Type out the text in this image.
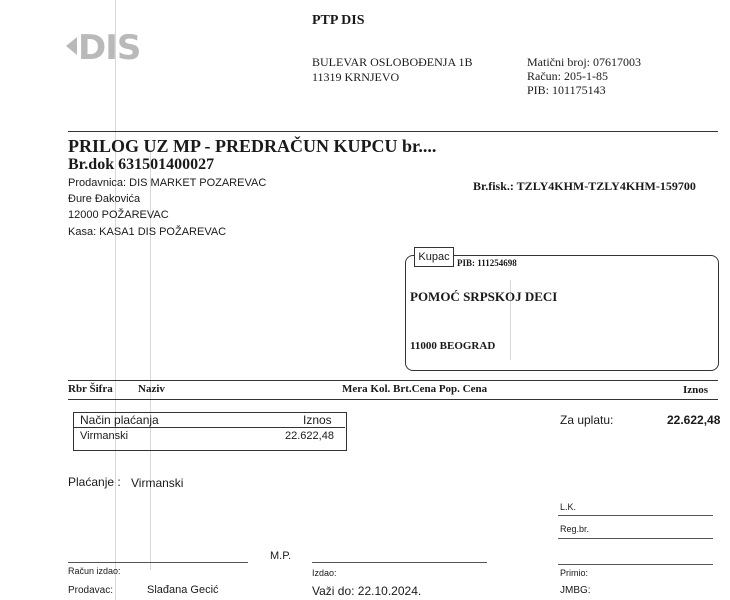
DIS
PTP DIS
BULEVAR OSLOBOĐENJA 1B
11319 KRNJEVO
Matični broj: 07617003
Račun: 205-1-85
PIB: 101175143
PRILOG UZ MP - PREDRAČUN KUPCU br....
Br.dok 631501400027
Prodavnica: DIS MARKET POZAREVAC
Đure Đakovića
12000 POŽAREVAC
Kasa: KASA1 DIS POŽAREVAC
Br.fisk.: TZLY4KHM-TZLY4KHM-159700
Kupac PIB: 111254698
POMOĆ SRPSKOJ DECI
11000 BEOGRAD
Rbr Šifra Naziv	Mera Kol. Brt.Cena Pop. Cena	Iznos
Način plaćanja	Iznos
Virmanski	22.622,48
Za uplatu:	22.622,48
Plaćanje : Virmanski
L.K.
Reg.br.
M.P.
Račun izdao:	Izdao:	Primio:
Prodavac:	Slađana Gecić	Važi do: 22.10.2024.	JMBG:
